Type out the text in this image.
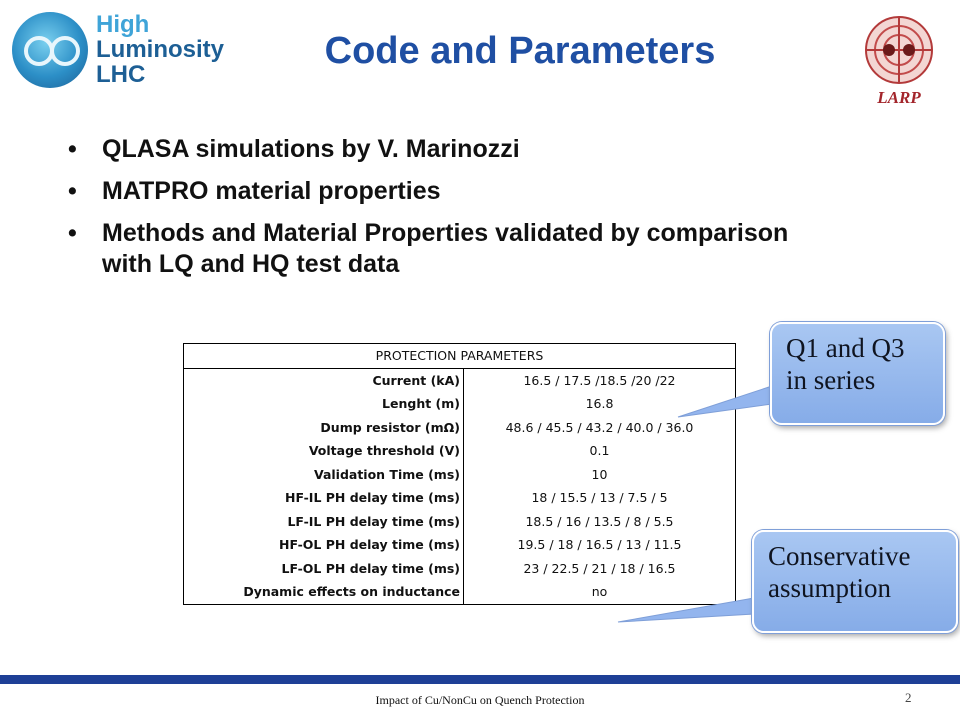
High
Luminosity
LHC
Code and Parameters
LARP
• QLASA simulations by V. Marinozzi
• MATPRO material properties
• Methods and Material Properties validated by comparison with LQ and HQ test data
PROTECTION PARAMETERS	
Current (kA)	16.5 / 17.5 /18.5 /20 /22
Lenght (m)	16.8
Dump resistor (mΩ)	48.6 / 45.5 / 43.2 / 40.0 / 36.0
Voltage threshold (V)	0.1
Validation Time (ms)	10
HF-IL PH delay time (ms)	18 / 15.5 / 13 / 7.5 / 5
LF-IL PH delay time (ms)	18.5 / 16 / 13.5 / 8 / 5.5
HF-OL PH delay time (ms)	19.5 / 18 / 16.5 / 13 / 11.5
LF-OL PH delay time (ms)	23 / 22.5 / 21 / 18 / 16.5
Dynamic effects on inductance	no
Q1 and Q3
in series
Conservative
assumption
Impact of Cu/NonCu on Quench Protection	2
